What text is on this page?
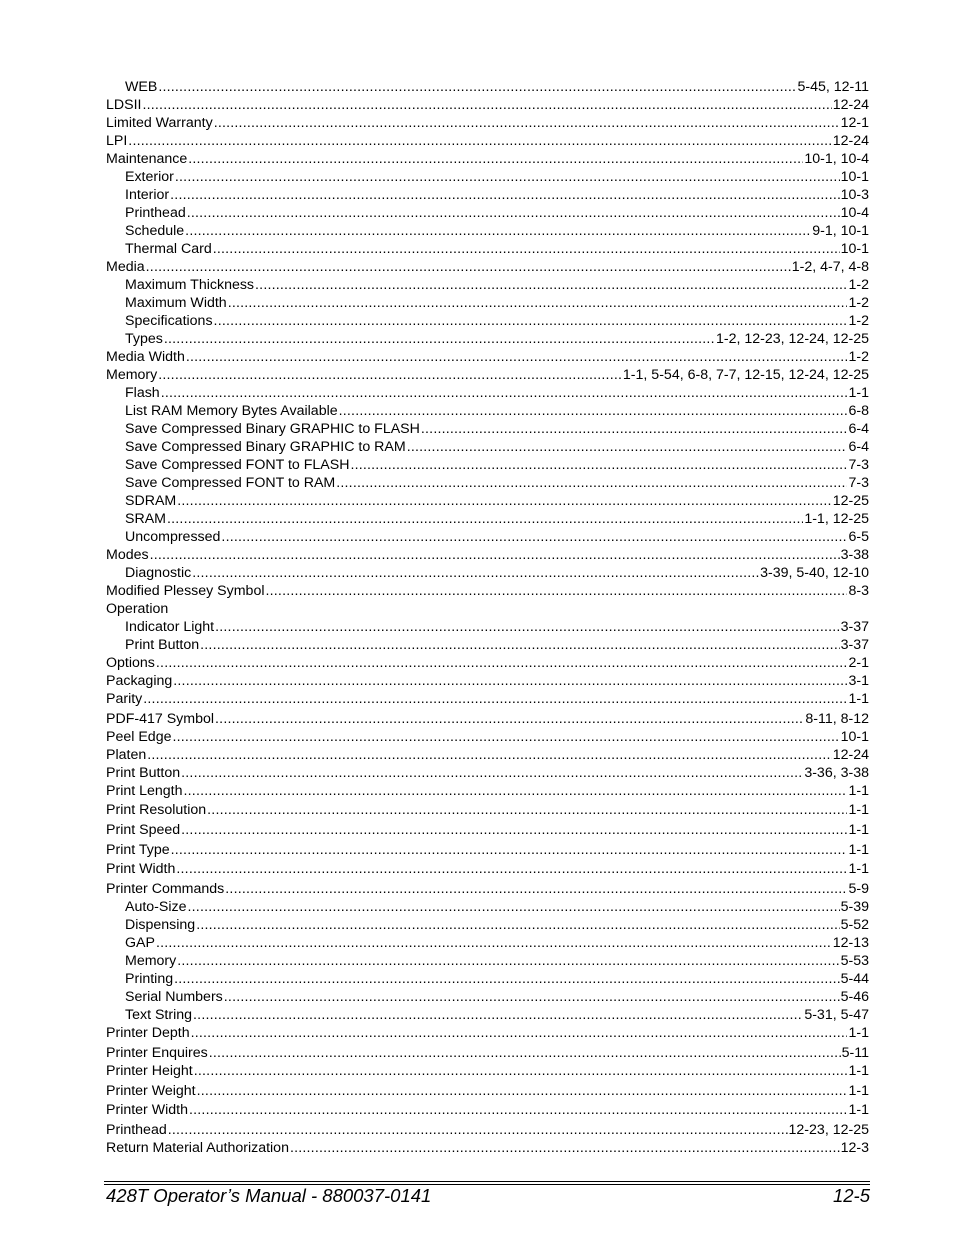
WEB .....	5-45, 12-11
LDSII .....	12-24
Limited Warranty .....	12-1
LPI .....	12-24
Maintenance .....	10-1, 10-4
Exterior .....	10-1
Interior .....	10-3
Printhead .....	10-4
Schedule .....	9-1, 10-1
Thermal Card .....	10-1
Media .....	1-2, 4-7, 4-8
Maximum Thickness .....	1-2
Maximum Width .....	1-2
Specifications .....	1-2
Types .....	1-2, 12-23, 12-24, 12-25
Media Width .....	1-2
Memory .....	1-1, 5-54, 6-8, 7-7, 12-15, 12-24, 12-25
Flash .....	1-1
List RAM Memory Bytes Available .....	6-8
Save Compressed Binary GRAPHIC to FLASH .....	6-4
Save Compressed Binary GRAPHIC to RAM .....	6-4
Save Compressed FONT to FLASH .....	7-3
Save Compressed FONT to RAM .....	7-3
SDRAM .....	12-25
SRAM .....	1-1, 12-25
Uncompressed .....	6-5
Modes .....	3-38
Diagnostic .....	3-39, 5-40, 12-10
Modified Plessey Symbol .....	8-3
Operation
Indicator Light .....	3-37
Print Button .....	3-37
Options .....	2-1
Packaging .....	3-1
Parity .....	1-1
PDF-417 Symbol .....	8-11, 8-12
Peel Edge .....	10-1
Platen .....	12-24
Print Button .....	3-36, 3-38
Print Length .....	1-1
Print Resolution .....	1-1
Print Speed .....	1-1
Print Type .....	1-1
Print Width .....	1-1
Printer Commands .....	5-9
Auto-Size .....	5-39
Dispensing .....	5-52
GAP .....	12-13
Memory .....	5-53
Printing .....	5-44
Serial Numbers .....	5-46
Text String .....	5-31, 5-47
Printer Depth .....	1-1
Printer Enquires .....	5-11
Printer Height .....	1-1
Printer Weight .....	1-1
Printer Width .....	1-1
Printhead .....	12-23, 12-25
Return Material Authorization .....	12-3
428T Operator’s Manual - 880037-0141	12-5
